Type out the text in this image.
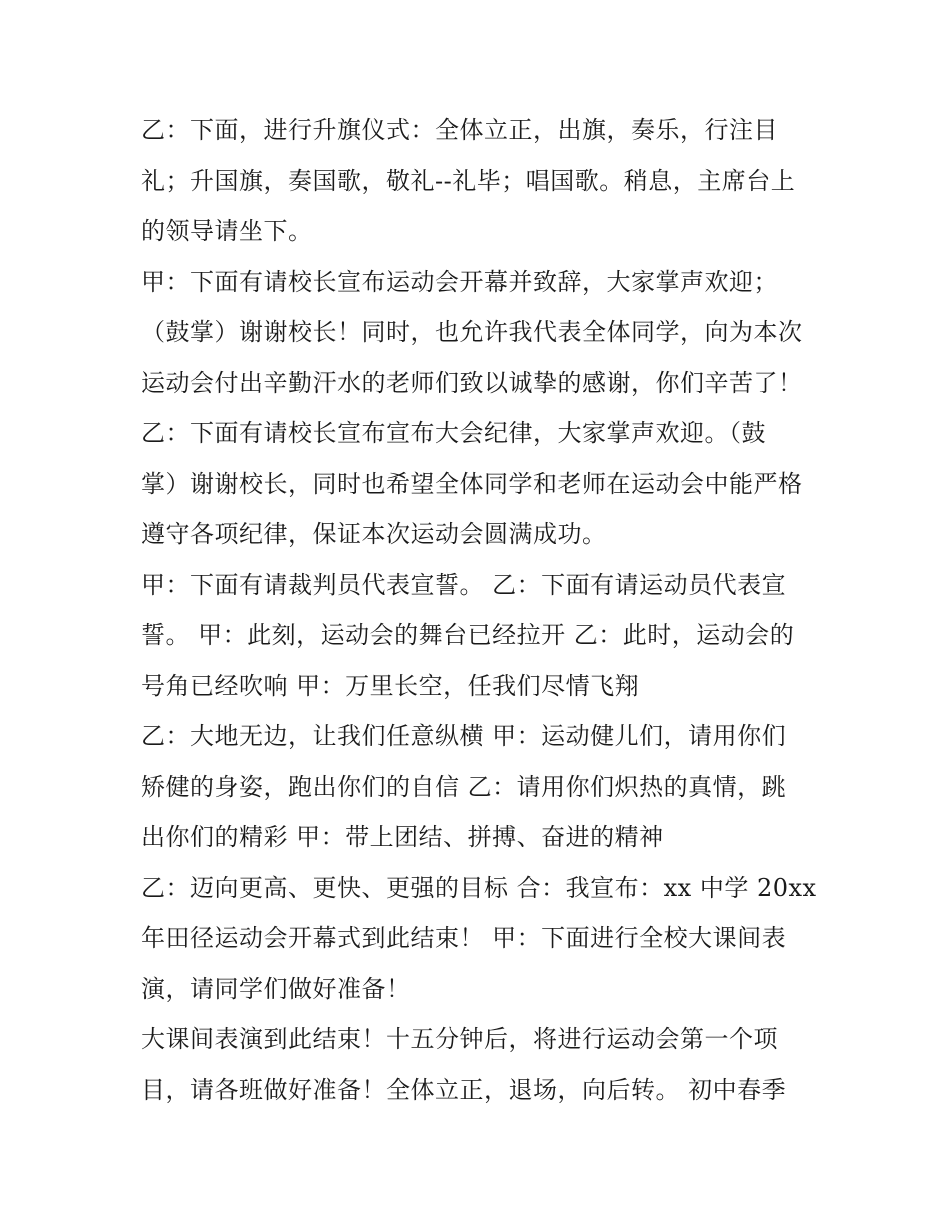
乙：下面，进行升旗仪式：全体立正，出旗，奏乐，行注目
礼；升国旗，奏国歌，敬礼--礼毕；唱国歌。稍息，主席台上
的领导请坐下。
甲：下面有请校长宣布运动会开幕并致辞，大家掌声欢迎；
（鼓掌）谢谢校长！同时，也允许我代表全体同学，向为本次
运动会付出辛勤汗水的老师们致以诚挚的感谢，你们辛苦了！
乙：下面有请校长宣布宣布大会纪律，大家掌声欢迎。（鼓
掌）谢谢校长，同时也希望全体同学和老师在运动会中能严格
遵守各项纪律，保证本次运动会圆满成功。
甲：下面有请裁判员代表宣誓。 乙：下面有请运动员代表宣
誓。 甲：此刻，运动会的舞台已经拉开 乙：此时，运动会的
号角已经吹响 甲：万里长空，任我们尽情飞翔
乙：大地无边，让我们任意纵横 甲：运动健儿们，请用你们
矫健的身姿，跑出你们的自信 乙：请用你们炽热的真情，跳
出你们的精彩 甲：带上团结、拼搏、奋进的精神
乙：迈向更高、更快、更强的目标 合：我宣布：xx 中学 20xx
年田径运动会开幕式到此结束！ 甲：下面进行全校大课间表
演，请同学们做好准备！
大课间表演到此结束！十五分钟后，将进行运动会第一个项
目，请各班做好准备！全体立正，退场，向后转。 初中春季
